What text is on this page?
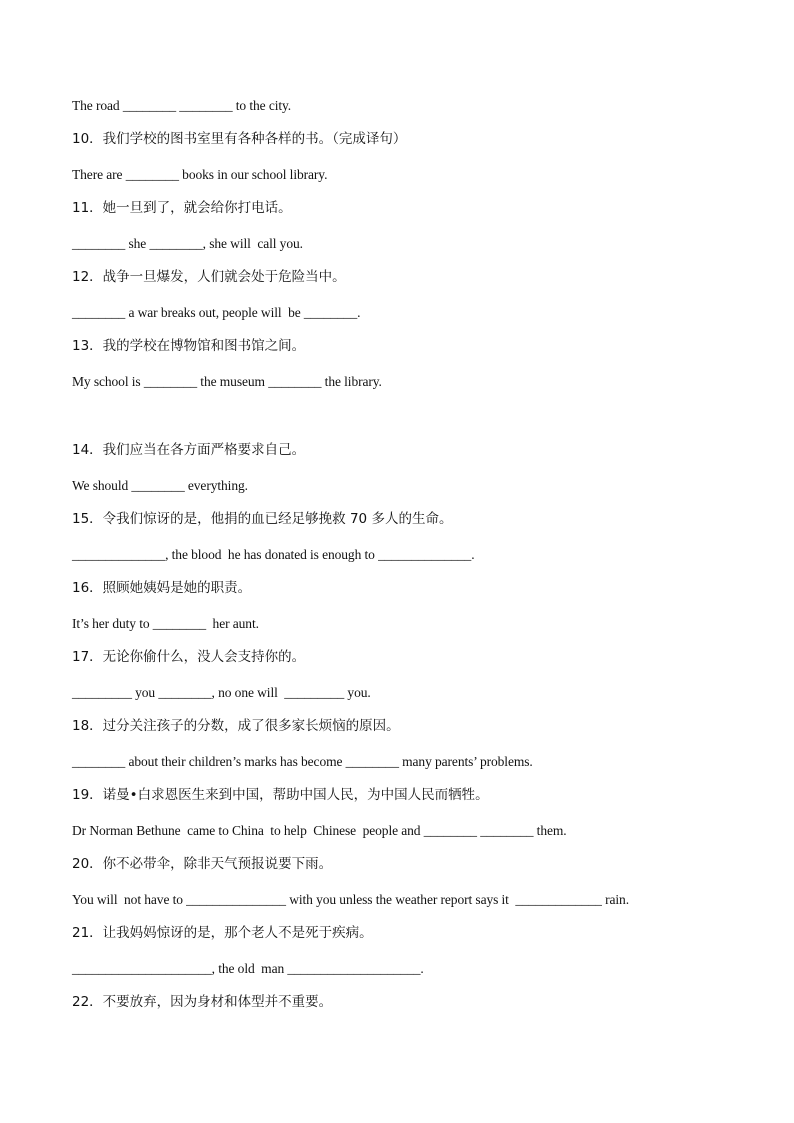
The road ________ ________ to the city.
10．我们学校的图书室里有各种各样的书。（完成译句）
There are ________ books in our school library.
11．她一旦到了，就会给你打电话。
________ she ________, she will  call you.
12．战争一旦爆发，人们就会处于危险当中。
________ a war breaks out, people will  be ________.
13．我的学校在博物馆和图书馆之间。
My school is ________ the museum ________ the library.
14．我们应当在各方面严格要求自己。
We should ________ everything.
15．令我们惊讶的是，他捐的血已经足够挽救 70 多人的生命。
______________, the blood  he has donated is enough to ______________.
16．照顾她姨妈是她的职责。
It’s her duty to ________  her aunt.
17．无论你偷什么，没人会支持你的。
_________ you ________, no one will  _________ you.
18．过分关注孩子的分数，成了很多家长烦恼的原因。
________ about their children’s marks has become ________ many parents’ problems.
19．诺曼•白求恩医生来到中国，帮助中国人民，为中国人民而牺牲。
Dr Norman Bethune  came to China  to help  Chinese  people and ________ ________ them.
20．你不必带伞，除非天气预报说要下雨。
You will  not have to _______________ with you unless the weather report says it  _____________ rain.
21．让我妈妈惊讶的是，那个老人不是死于疾病。
_____________________, the old  man ____________________.
22．不要放弃，因为身材和体型并不重要。
